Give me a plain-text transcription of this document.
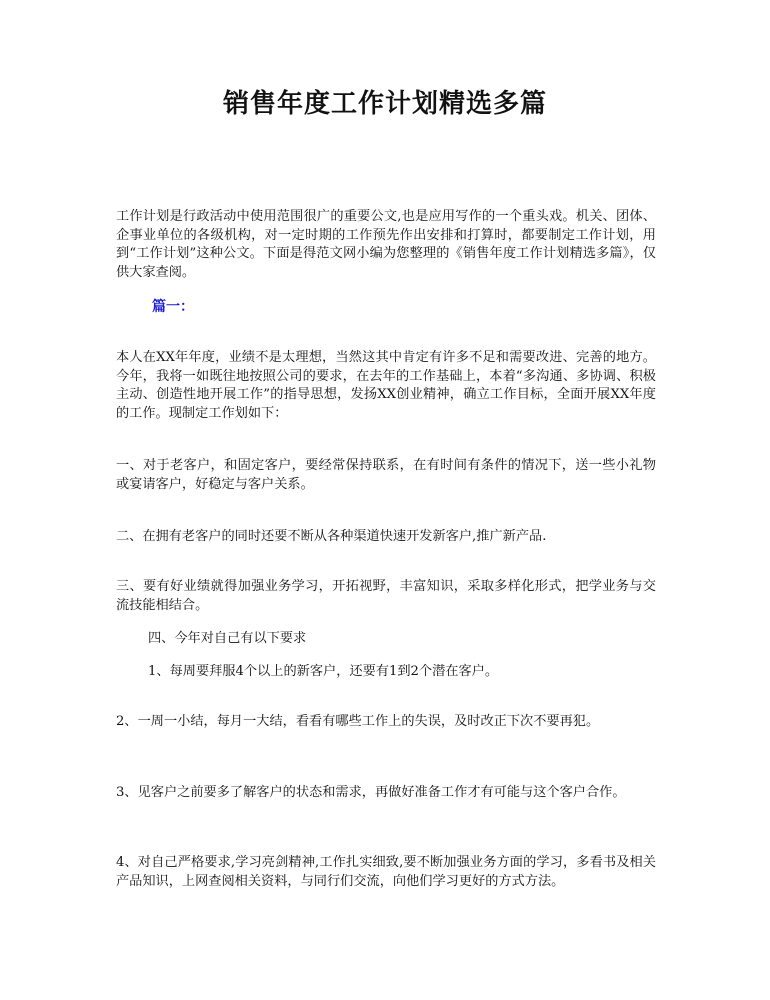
销售年度工作计划精选多篇

工作计划是行政活动中使用范围很广的重要公文,也是应用写作的一个重头戏。机关、团体、企事业单位的各级机构，对一定时期的工作预先作出安排和打算时，都要制定工作计划，用到“工作计划”这种公文。下面是得范文网小编为您整理的《销售年度工作计划精选多篇》，仅供大家查阅。

篇一：

本人在XX年年度，业绩不是太理想，当然这其中肯定有许多不足和需要改进、完善的地方。今年，我将一如既往地按照公司的要求，在去年的工作基础上，本着“多沟通、多协调、积极主动、创造性地开展工作”的指导思想，发扬XX创业精神，确立工作目标，全面开展XX年度的工作。现制定工作划如下：

一、对于老客户，和固定客户，要经常保持联系，在有时间有条件的情况下，送一些小礼物或宴请客户，好稳定与客户关系。

二、在拥有老客户的同时还要不断从各种渠道快速开发新客户,推广新产品.

三、要有好业绩就得加强业务学习，开拓视野，丰富知识，采取多样化形式，把学业务与交流技能相结合。

四、今年对自己有以下要求

1、每周要拜服4个以上的新客户，还要有1到2个潜在客户。

2、一周一小结，每月一大结，看看有哪些工作上的失误，及时改正下次不要再犯。

3、见客户之前要多了解客户的状态和需求，再做好准备工作才有可能与这个客户合作。

4、对自己严格要求,学习亮剑精神,工作扎实细致,要不断加强业务方面的学习，多看书及相关产品知识，上网查阅相关资料，与同行们交流，向他们学习更好的方式方法。
